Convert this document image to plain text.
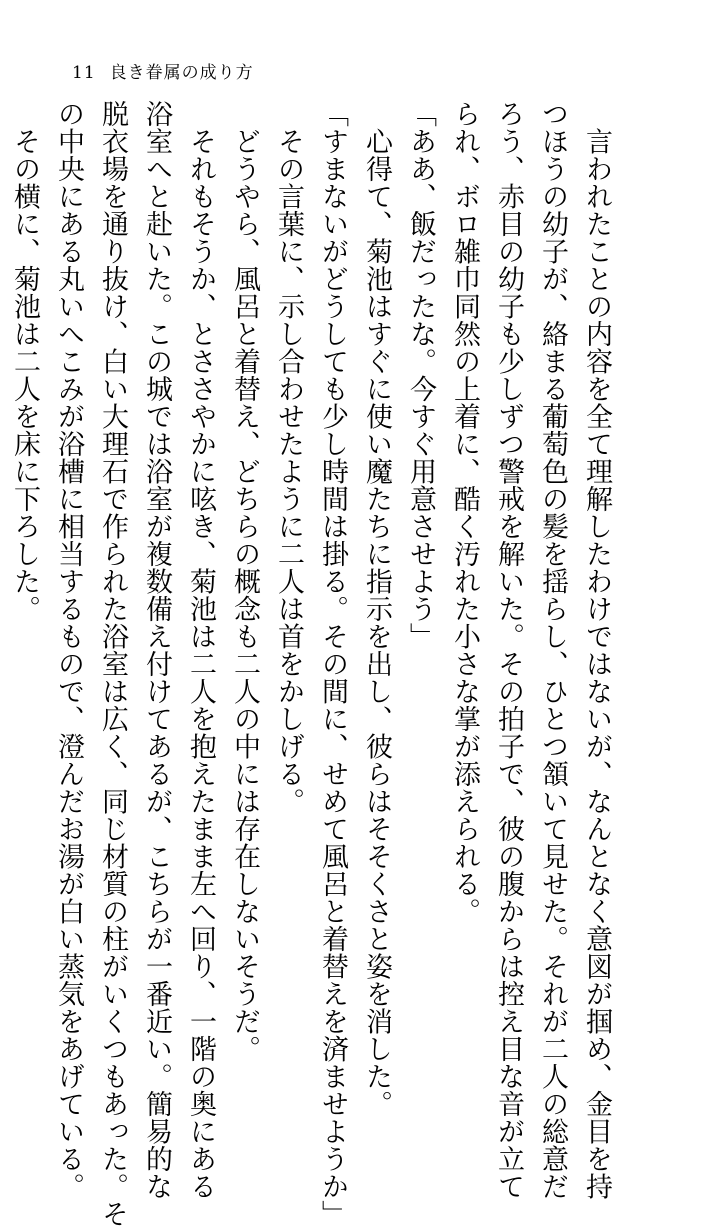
11 良き眷属の成り方
　言われたことの内容を全て理解したわけではないが、なんとなく意図が掴め、金目を持
つほうの幼子が、絡まる葡萄色の髪を揺らし、ひとつ頷いて見せた。それが二人の総意だ
ろう、赤目の幼子も少しずつ警戒を解いた。その拍子で、彼の腹からは控え目な音が立て
られ、ボロ雑巾同然の上着に、酷く汚れた小さな掌が添えられる。
「ああ、飯だったな。今すぐ用意させよう」
　心得て、菊池はすぐに使い魔たちに指示を出し、彼らはそそくさと姿を消した。
「すまないがどうしても少し時間は掛る。その間に、せめて風呂と着替えを済ませようか」
　その言葉に、示し合わせたように二人は首をかしげる。
　どうやら、風呂と着替え、どちらの概念も二人の中には存在しないそうだ。
　それもそうか、とささやかに呟き、菊池は二人を抱えたまま左へ回り、一階の奥にある
浴室へと赴いた。この城では浴室が複数備え付けてあるが、こちらが一番近い。簡易的な
脱衣場を通り抜け、白い大理石で作られた浴室は広く、同じ材質の柱がいくつもあった。そ
の中央にある丸いへこみが浴槽に相当するもので、澄んだお湯が白い蒸気をあげている。
　その横に、菊池は二人を床に下ろした。
